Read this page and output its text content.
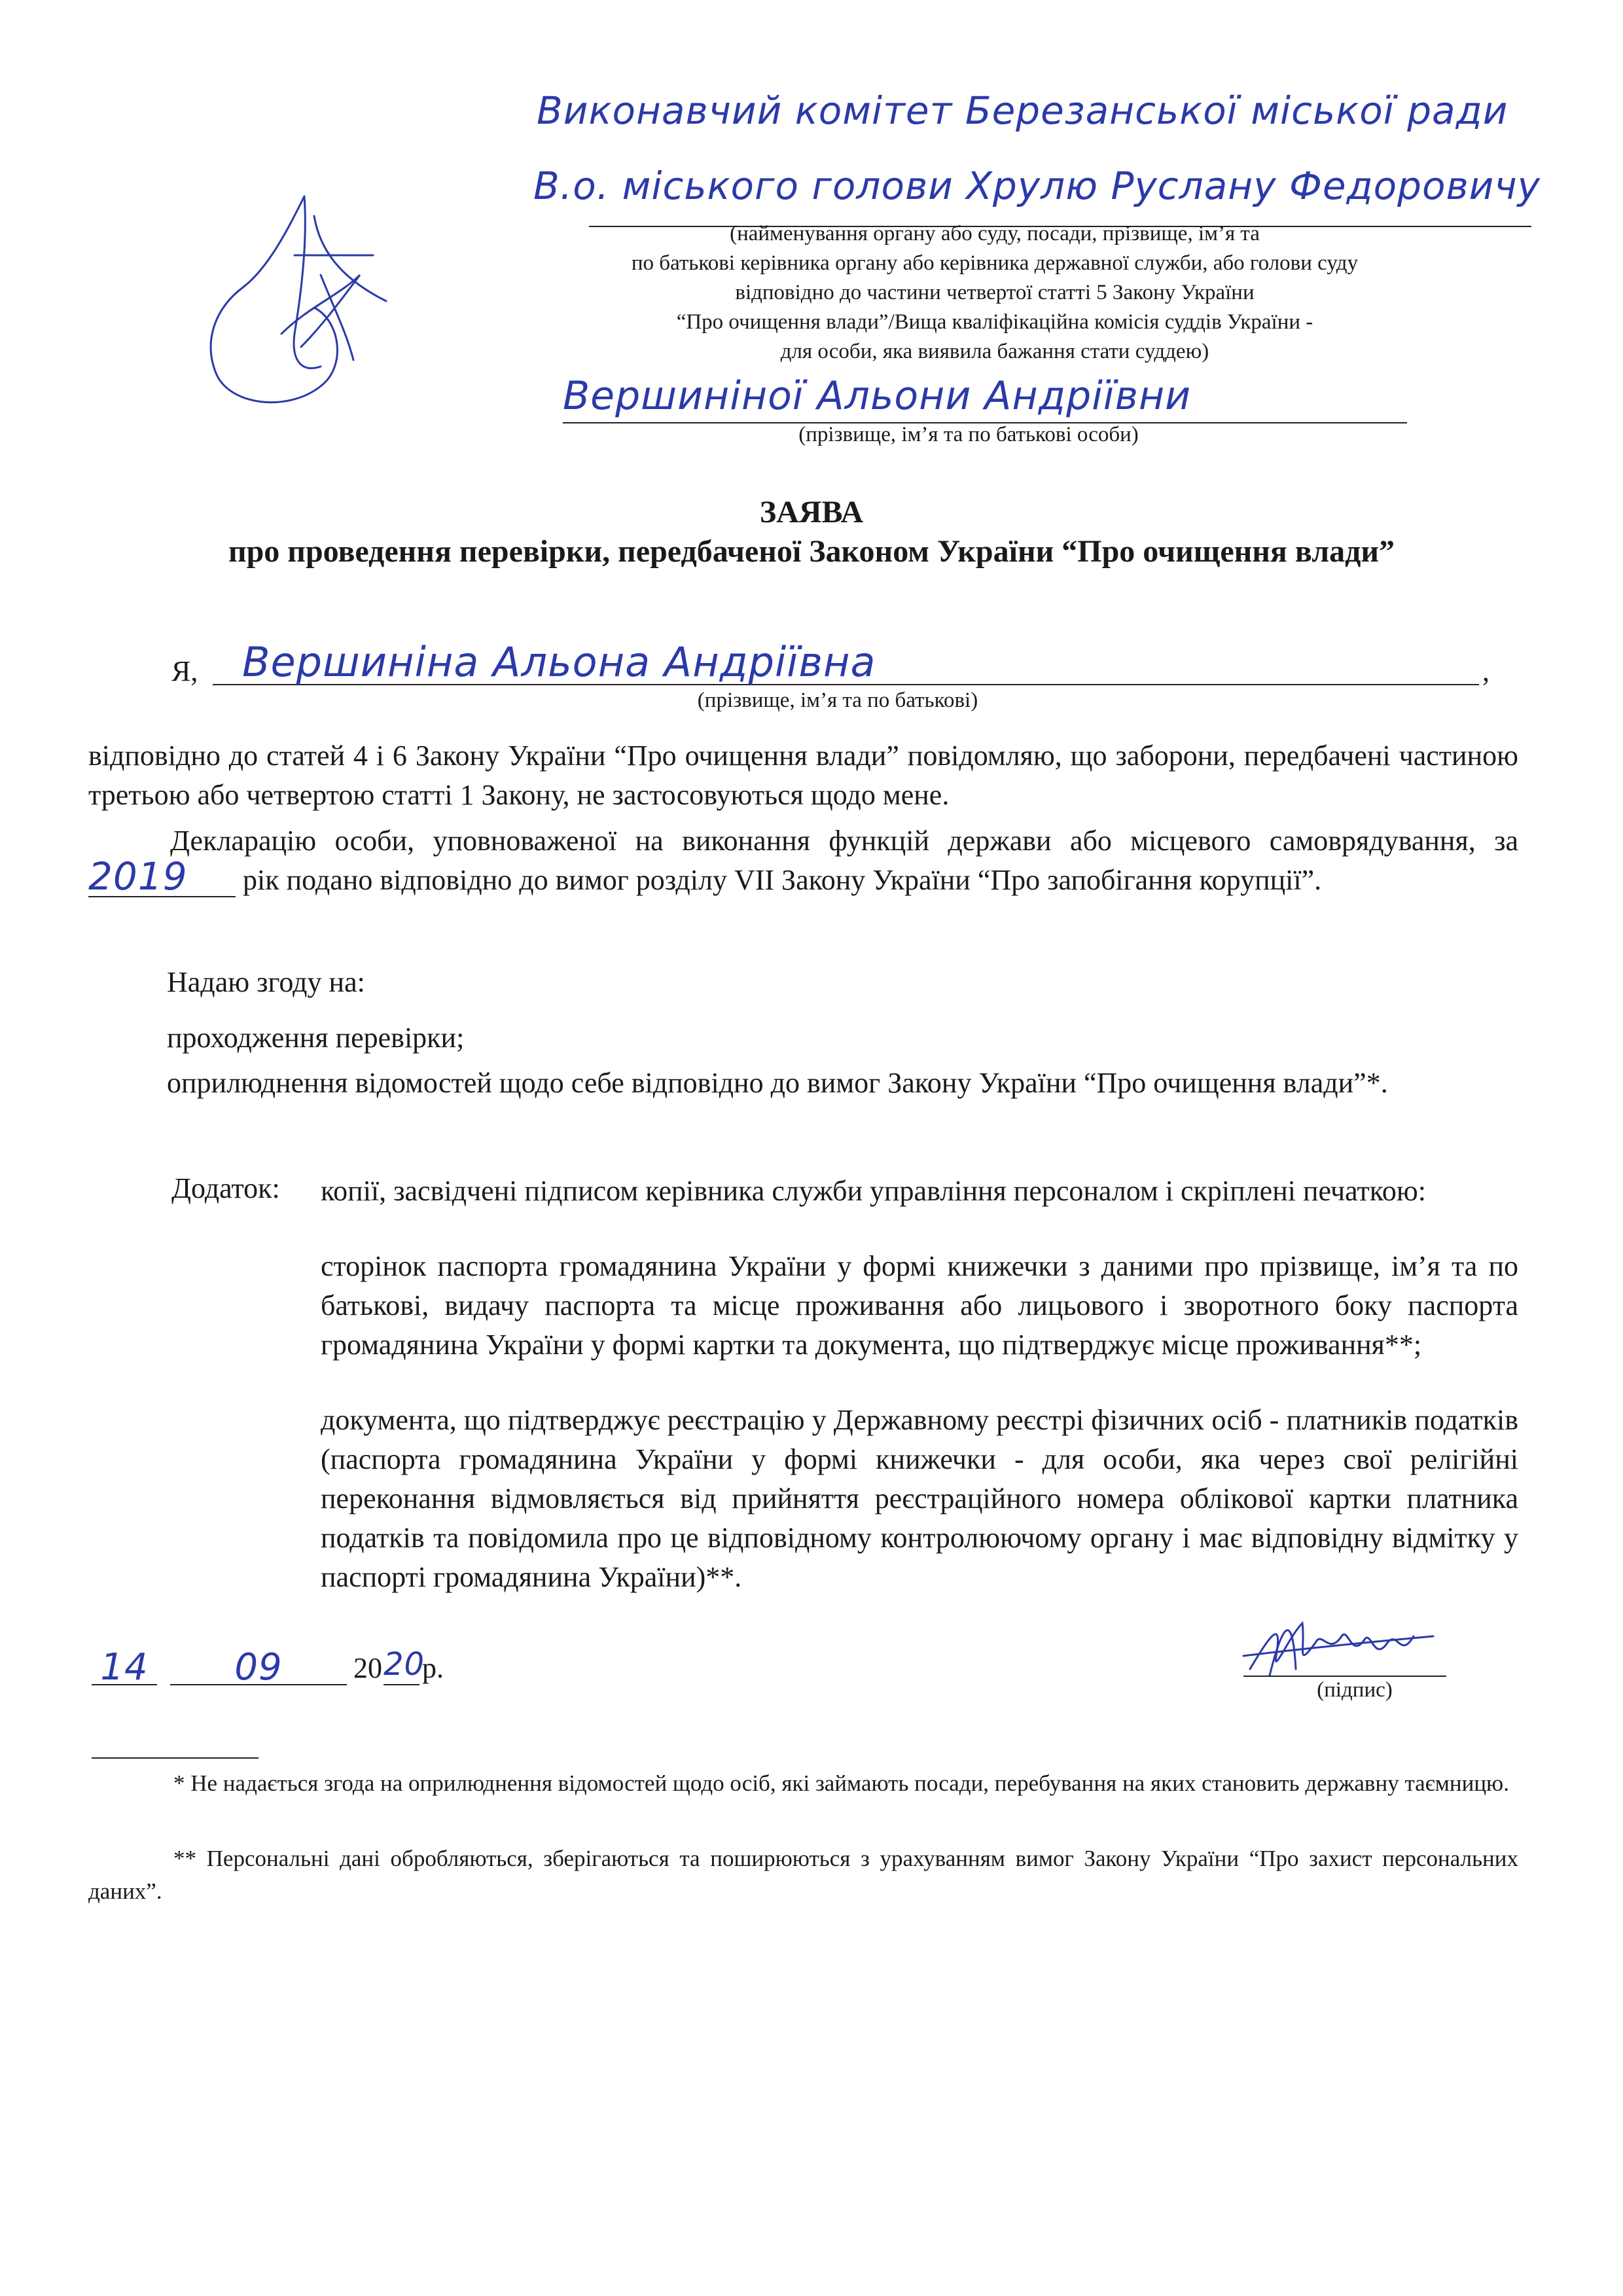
Виконавчий комітет Березанської міської ради
В.о. міського голови Хрулю Руслану Федоровичу
(найменування органу або суду, посади, прізвище, ім’я та
по батькові керівника органу або керівника державної служби, або голови суду
відповідно до частини четвертої статті 5 Закону України
“Про очищення влади”/Вища кваліфікаційна комісія суддів України -
для особи, яка виявила бажання стати суддею)
Вершиніної Альони Андріївни
(прізвище, ім’я та по батькові особи)
ЗАЯВА
про проведення перевірки, передбаченої Законом України “Про очищення влади”
Я, Вершиніна Альона Андріївна	,
(прізвище, ім’я та по батькові)
відповідно до статей 4 і 6 Закону України “Про очищення влади” повідомляю, що заборони, передбачені частиною третьою або четвертою статті 1 Закону, не застосовуються щодо мене.
Декларацію особи, уповноваженої на виконання функцій держави або місцевого самоврядування, за 2019 рік подано відповідно до вимог розділу VII Закону України “Про запобігання корупції”.
Надаю згоду на:
проходження перевірки;
оприлюднення відомостей щодо себе відповідно до вимог Закону України “Про очищення влади”*.
Додаток: копії, засвідчені підписом керівника служби управління персоналом і скріплені печаткою:
сторінок паспорта громадянина України у формі книжечки з даними про прізвище, ім’я та по батькові, видачу паспорта та місце проживання або лицьового і зворотного боку паспорта громадянина України у формі картки та документа, що підтверджує місце проживання**;
документа, що підтверджує реєстрацію у Державному реєстрі фізичних осіб - платників податків (паспорта громадянина України у формі книжечки - для особи, яка через свої релігійні переконання відмовляється від прийняття реєстраційного номера облікової картки платника податків та повідомила про це відповідному контролюючому органу і має відповідну відмітку у паспорті громадянина України)**.
14	09	20 20
р.
(підпис)
* Не надається згода на оприлюднення відомостей щодо осіб, які займають посади, перебування на яких становить державну таємницю.
** Персональні дані обробляються, зберігаються та поширюються з урахуванням вимог Закону України “Про захист персональних даних”.
